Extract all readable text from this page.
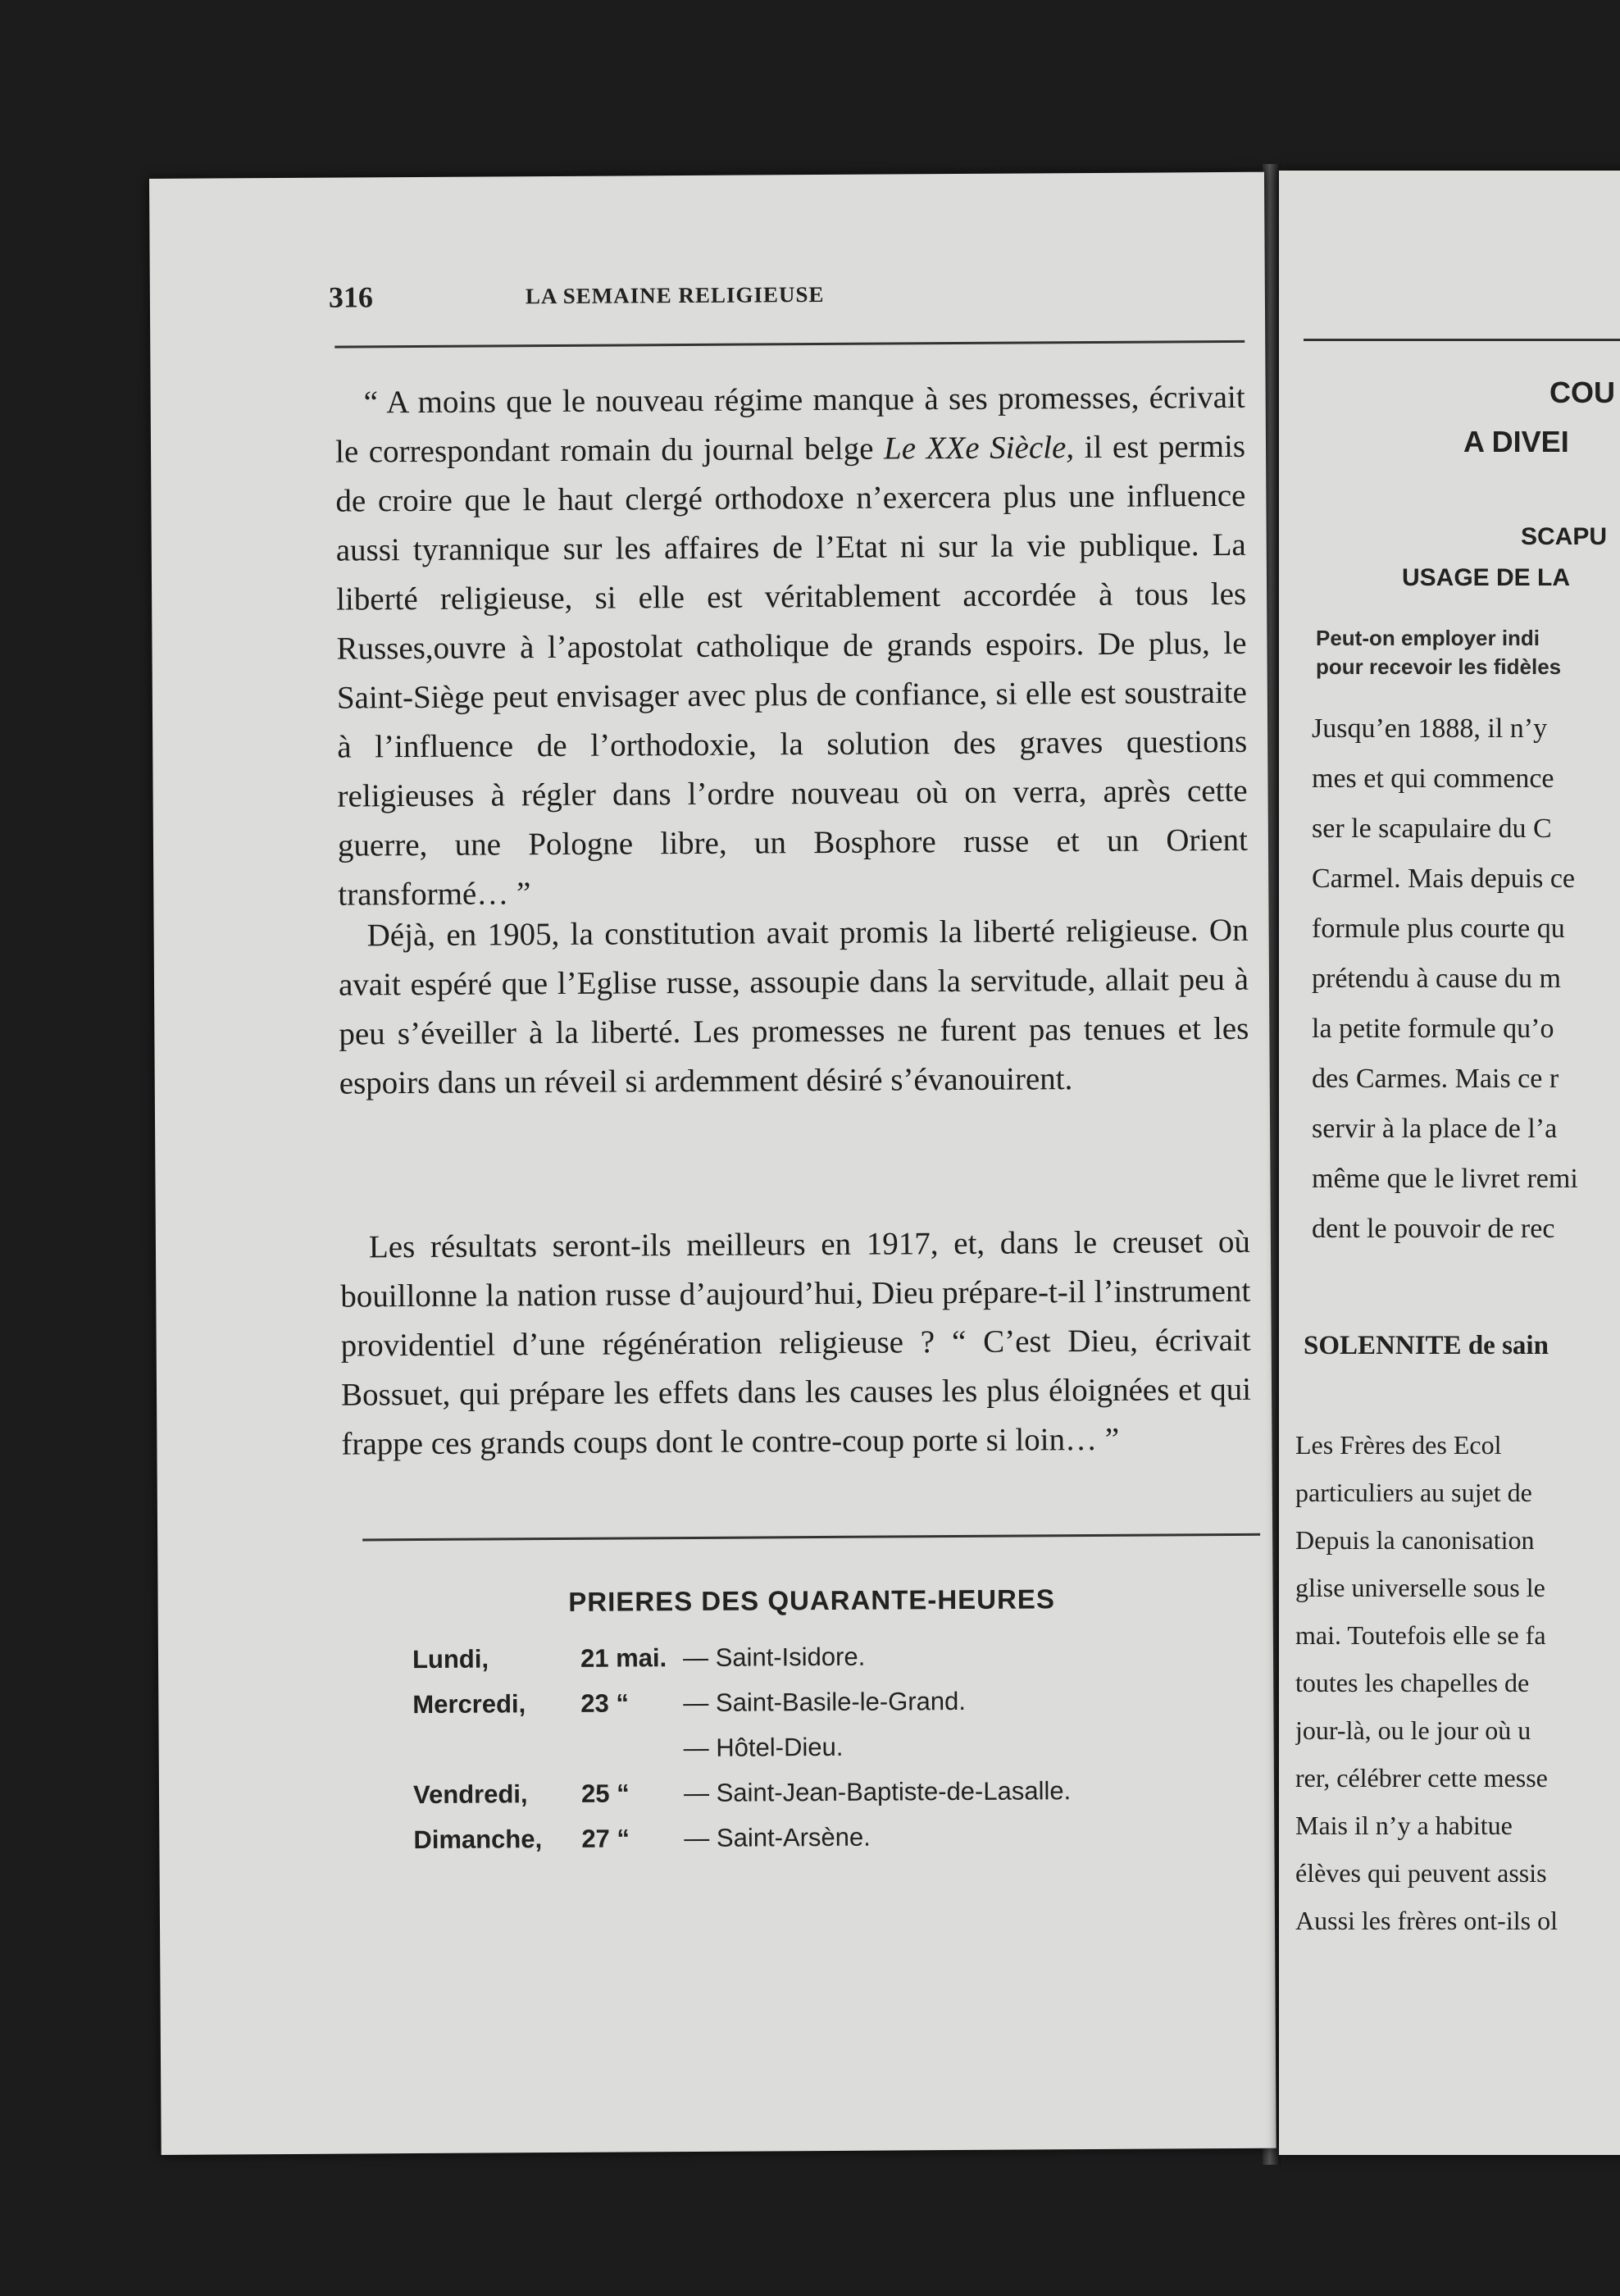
316	LA SEMAINE RELIGIEUSE

“ A moins que le nouveau régime manque à ses promesses, écrivait le correspondant romain du journal belge Le XXe Siècle, il est permis de croire que le haut clergé orthodoxe n’exercera plus une influence aussi tyrannique sur les affaires de l’Etat ni sur la vie publique. La liberté religieuse, si elle est véritablement accordée à tous les Russes,ouvre à l’apostolat catholique de grands espoirs. De plus, le Saint-Siège peut envisager avec plus de confiance, si elle est soustraite à l’influence de l’orthodoxie, la solution des graves questions religieuses à régler dans l’ordre nouveau où on verra, après cette guerre, une Pologne libre, un Bosphore russe et un Orient transformé… ”

Déjà, en 1905, la constitution avait promis la liberté religieuse. On avait espéré que l’Eglise russe, assoupie dans la servitude, allait peu à peu s’éveiller à la liberté. Les promesses ne furent pas tenues et les espoirs dans un réveil si ardemment désiré s’évanouirent.

Les résultats seront-ils meilleurs en 1917, et, dans le creuset où bouillonne la nation russe d’aujourd’hui, Dieu prépare-t-il l’instrument providentiel d’une régénération religieuse ? “ C’est Dieu, écrivait Bossuet, qui prépare les effets dans les causes les plus éloignées et qui frappe ces grands coups dont le contre-coup porte si loin… ”

PRIERES DES QUARANTE-HEURES
Lundi,	21 mai. — Saint-Isidore.
Mercredi,	23 “	— Saint-Basile-le-Grand.
— Hôtel-Dieu.
Vendredi,	25 “	— Saint-Jean-Baptiste-de-Lasalle.
Dimanche,	27 “	— Saint-Arsène.
COU
A DIVEI
SCAPU
USAGE DE LA
Peut-on employer indi
pour recevoir les fidèles
Jusqu’en 1888, il n’y
mes et qui commence
ser le scapulaire du C
Carmel. Mais depuis ce
formule plus courte qu
prétendu à cause du m
la petite formule qu’o
des Carmes. Mais ce r
servir à la place de l’a
même que le livret remi
dent le pouvoir de rec
SOLENNITE de sain
Les Frères des Ecol
particuliers au sujet de
Depuis la canonisation
glise universelle sous le
mai. Toutefois elle se fa
toutes les chapelles de
jour-là, ou le jour où u
rer, célébrer cette messe
Mais il n’y a habitue
élèves qui peuvent assis
Aussi les frères ont-ils ol
